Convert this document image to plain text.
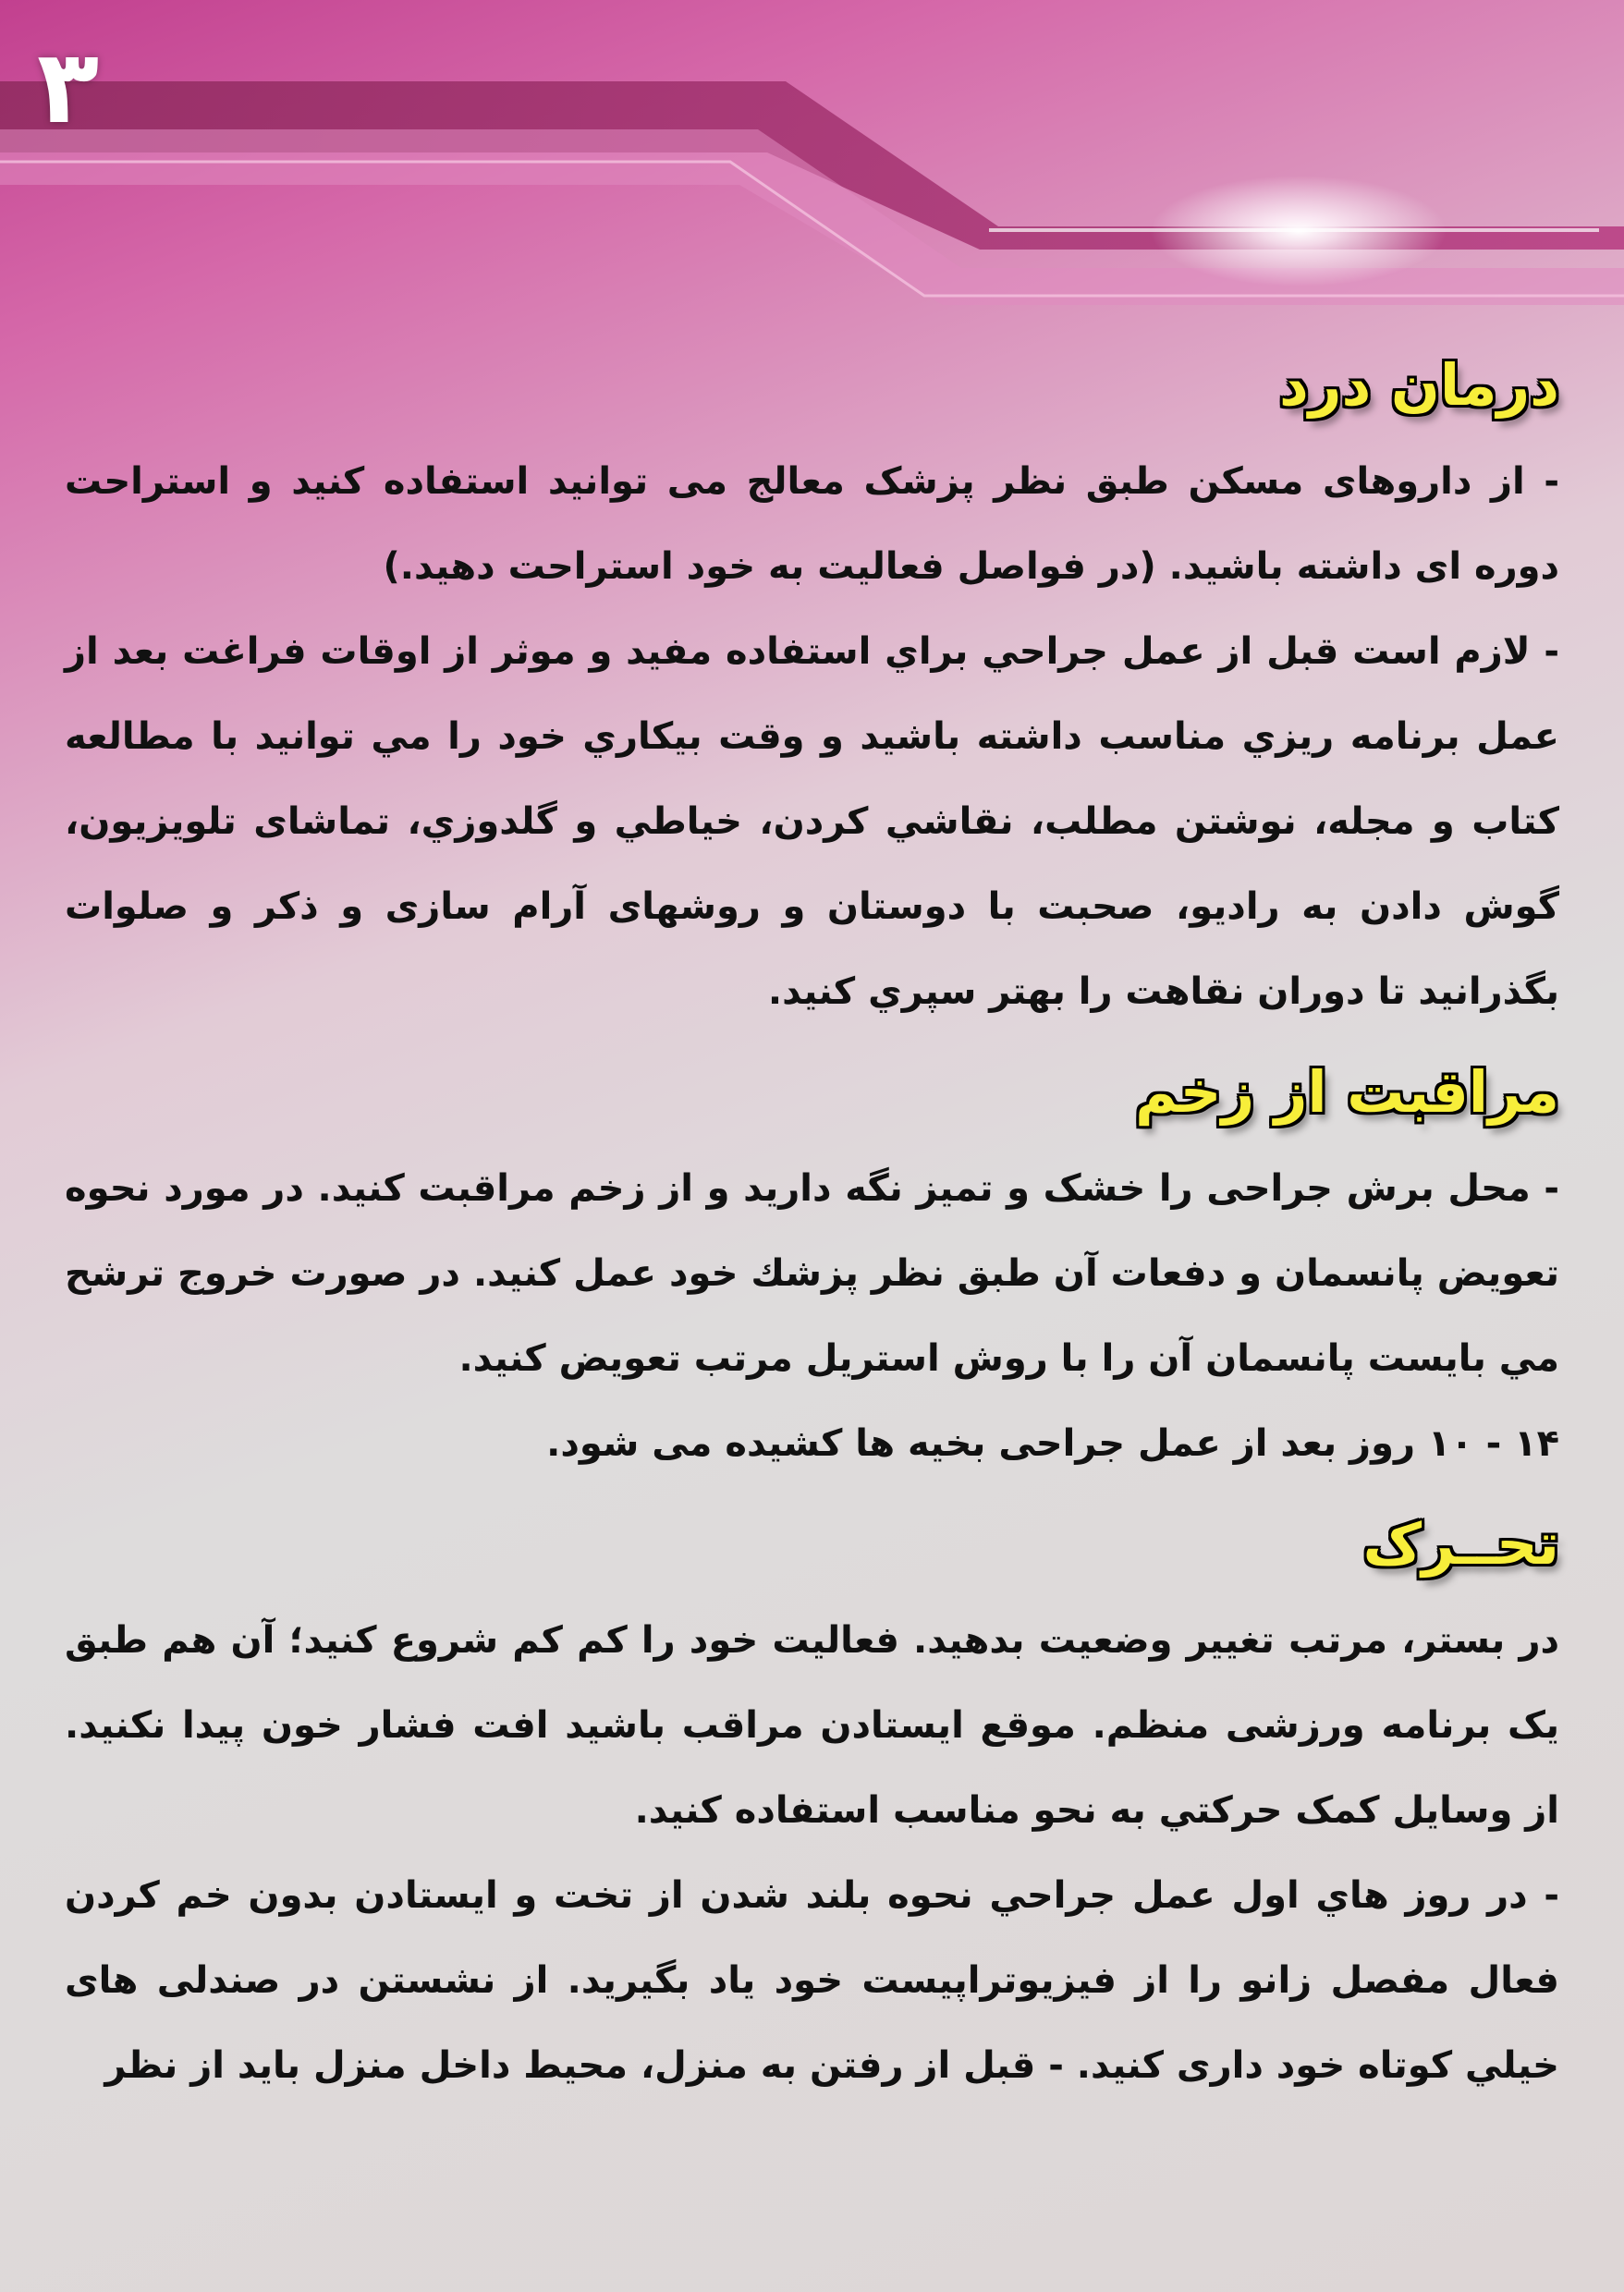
۳
درمان درد

- از داروهای مسکن طبق نظر پزشک معالج می توانید استفاده کنید و استراحت دوره ای داشته باشید. (در فواصل فعالیت به خود استراحت دهید.)

- لازم است قبل از عمل جراحي براي استفاده مفيد و موثر از اوقات فراغت بعد از عمل برنامه ريزي مناسب داشته باشيد و وقت بيكاري خود را مي توانيد با مطالعه كتاب و مجله، نوشتن مطلب، نقاشي كردن، خياطي و گلدوزي، تماشای تلويزيون، گوش دادن به راديو، صحبت با دوستان و روشهای آرام سازی و ذکر و صلوات بگذرانيد تا دوران نقاهت را بهتر سپري كنيد.

مراقبت از زخم

- محل برش جراحی را خشک و تمیز نگه دارید و از زخم مراقبت کنید. در مورد نحوه تعويض پانسمان و دفعات آن طبق نظر پزشك خود عمل كنيد. در صورت خروج ترشح مي بايست پانسمان آن را با روش استريل مرتب تعويض كنيد.

۱۴ - ۱۰ روز بعد از عمل جراحی بخیه ها کشیده می شود.

تحــرک

در بستر، مرتب تغییر وضعیت بدهید. فعالیت خود را کم کم شروع کنید؛ آن هم طبق یک برنامه ورزشی منظم. موقع ایستادن مراقب باشید افت فشار خون پیدا نکنید. از وسایل کمک حرکتي به نحو مناسب استفاده کنید.

- در روز هاي اول عمل جراحي نحوه بلند شدن از تخت و ايستادن بدون خم كردن فعال مفصل زانو را از فيزيوتراپيست خود ياد بگيريد. از نشستن در صندلی های خيلي كوتاه خود داری کنید. - قبل از رفتن به منزل، محيط داخل منزل بايد از نظر
